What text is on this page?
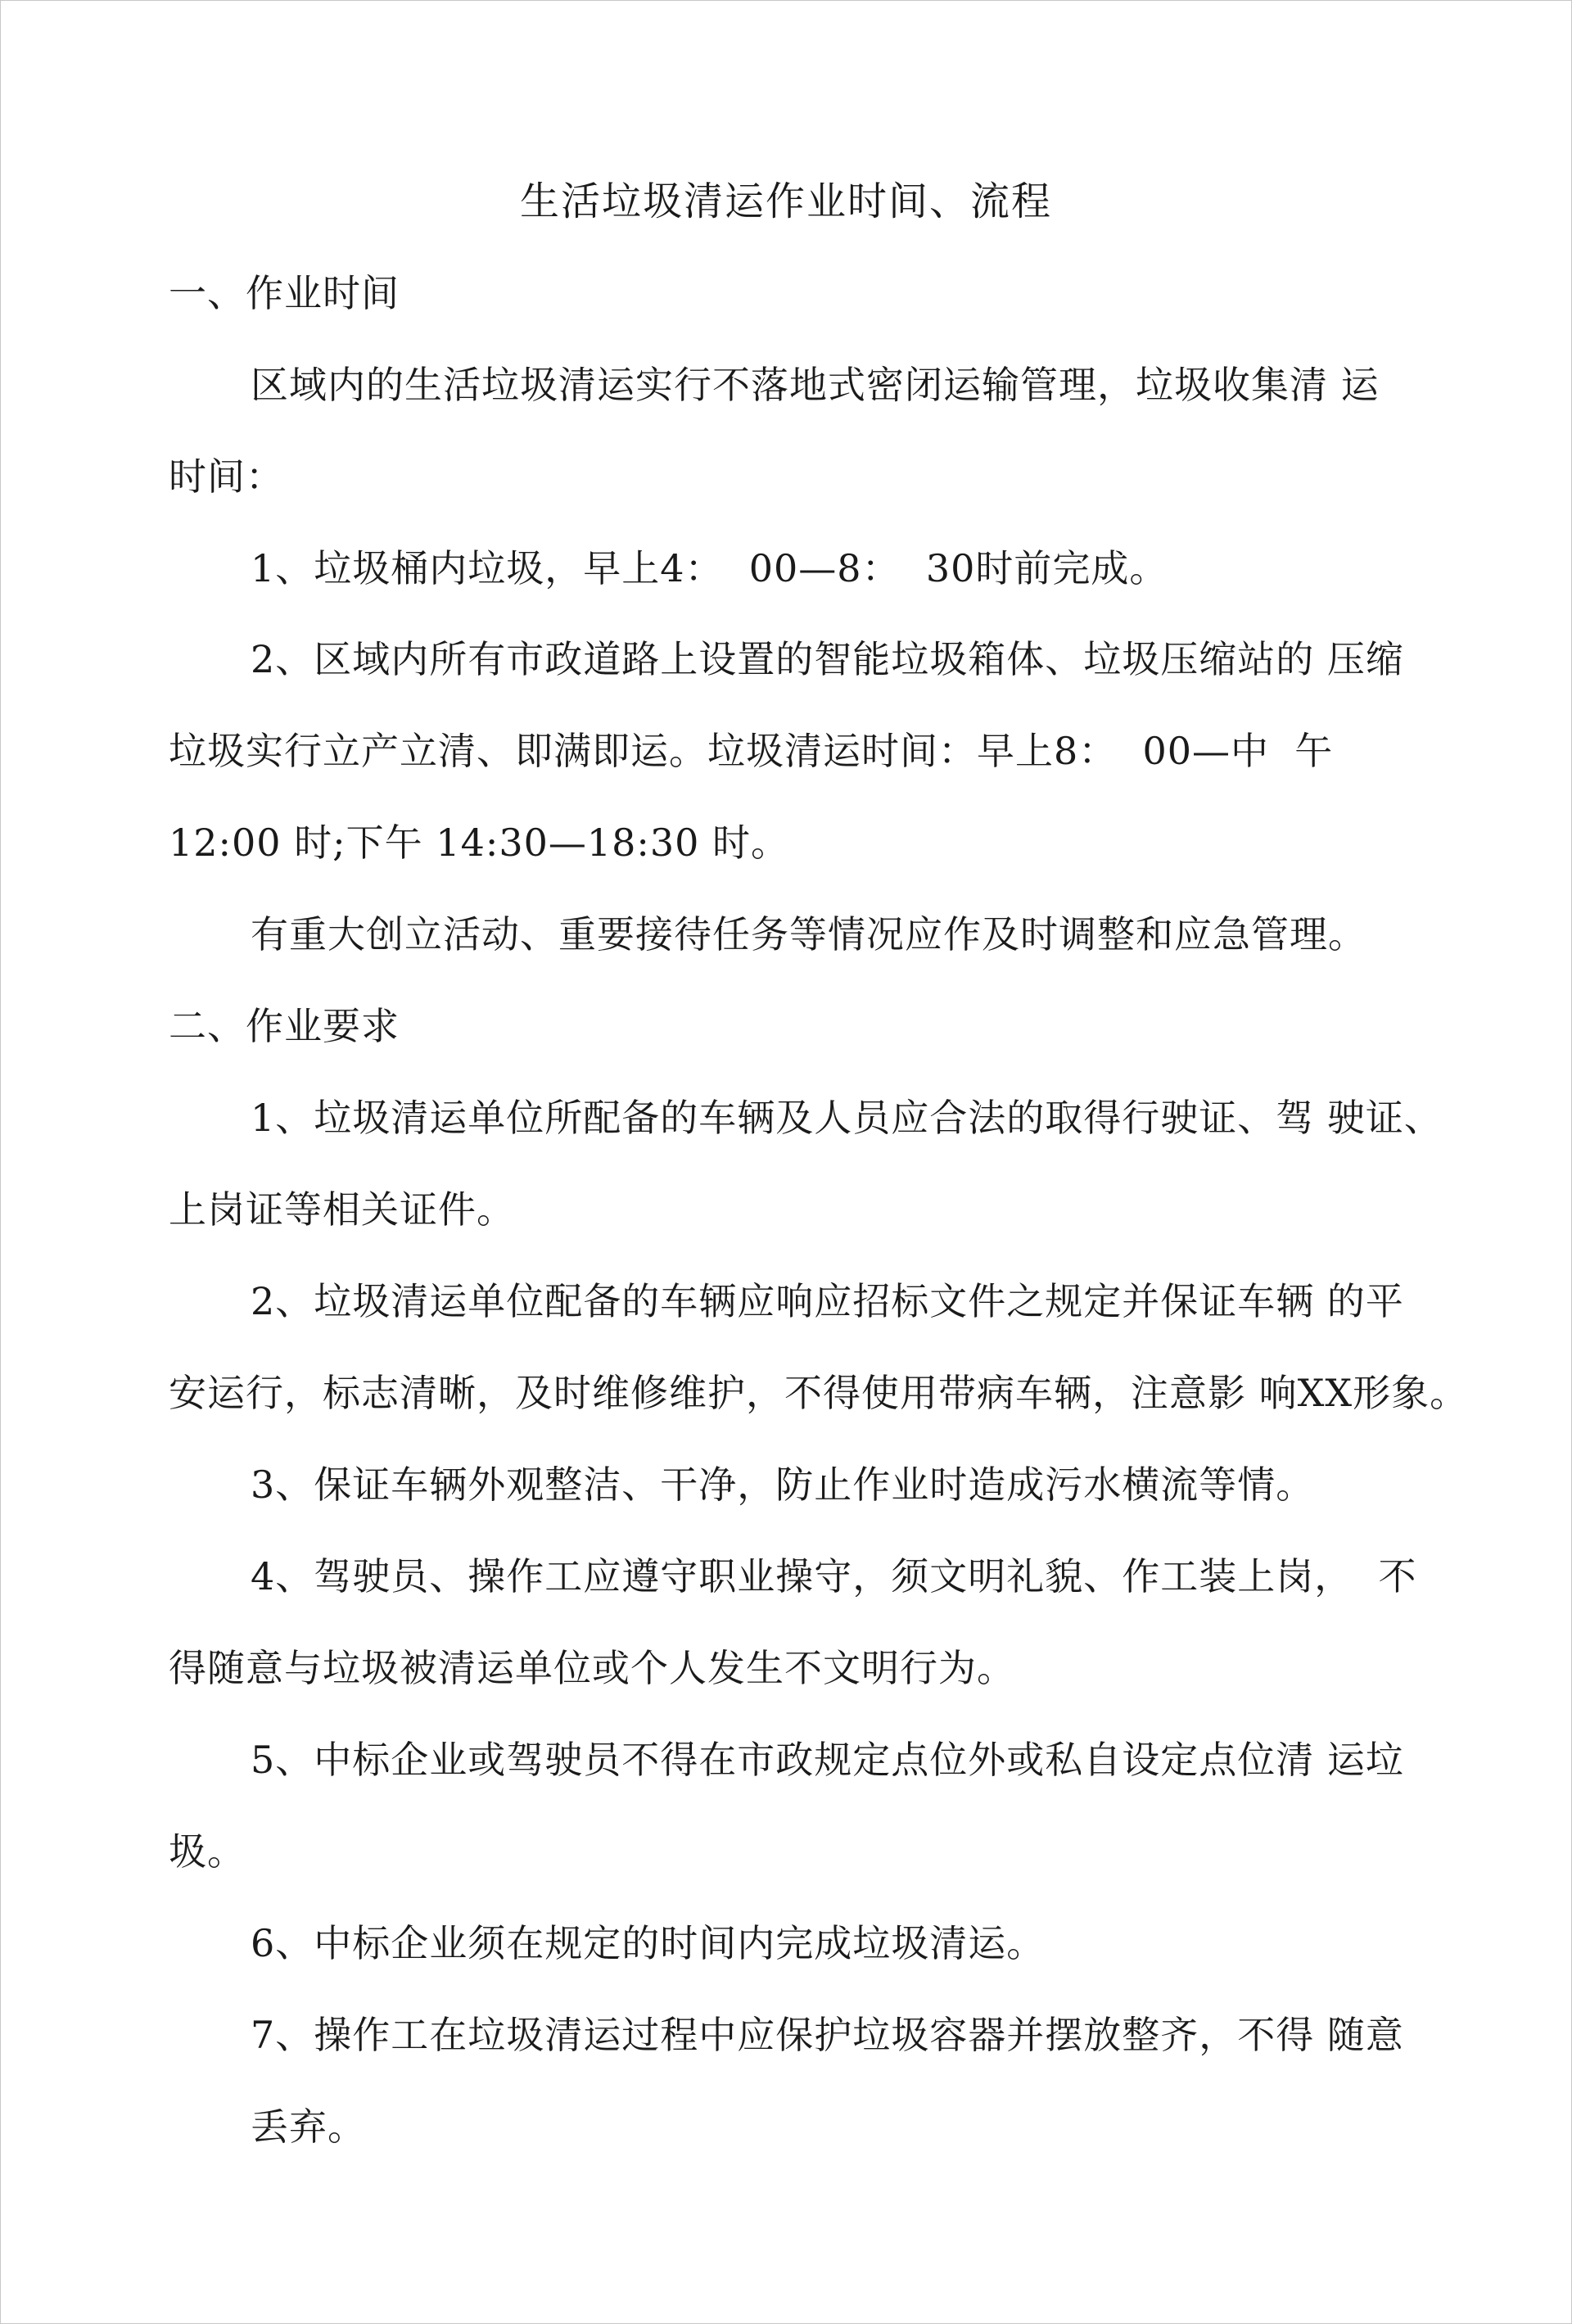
生活垃圾清运作业时间、流程
一、作业时间
区域内的生活垃圾清运实行不落地式密闭运输管理，垃圾收集清 运
时间：
1、垃圾桶内垃圾，早上4：  00—8：  30时前完成。
2、区域内所有市政道路上设置的智能垃圾箱体、垃圾压缩站的 压缩
垃圾实行立产立清、即满即运。垃圾清运时间：早上8：  00—中  午
12:00 时;下午 14:30—18:30 时。
有重大创立活动、重要接待任务等情况应作及时调整和应急管理。
二、作业要求
1、垃圾清运单位所配备的车辆及人员应合法的取得行驶证、驾 驶证、
上岗证等相关证件。
2、垃圾清运单位配备的车辆应响应招标文件之规定并保证车辆 的平
安运行，标志清晰，及时维修维护，不得使用带病车辆，注意影 响XX形象。
3、保证车辆外观整洁、干净，防止作业时造成污水横流等情。
4、驾驶员、操作工应遵守职业操守，须文明礼貌、作工装上岗，  不
得随意与垃圾被清运单位或个人发生不文明行为。
5、中标企业或驾驶员不得在市政规定点位外或私自设定点位清 运垃
圾。
6、中标企业须在规定的时间内完成垃圾清运。
7、操作工在垃圾清运过程中应保护垃圾容器并摆放整齐，不得 随意
丢弃。
